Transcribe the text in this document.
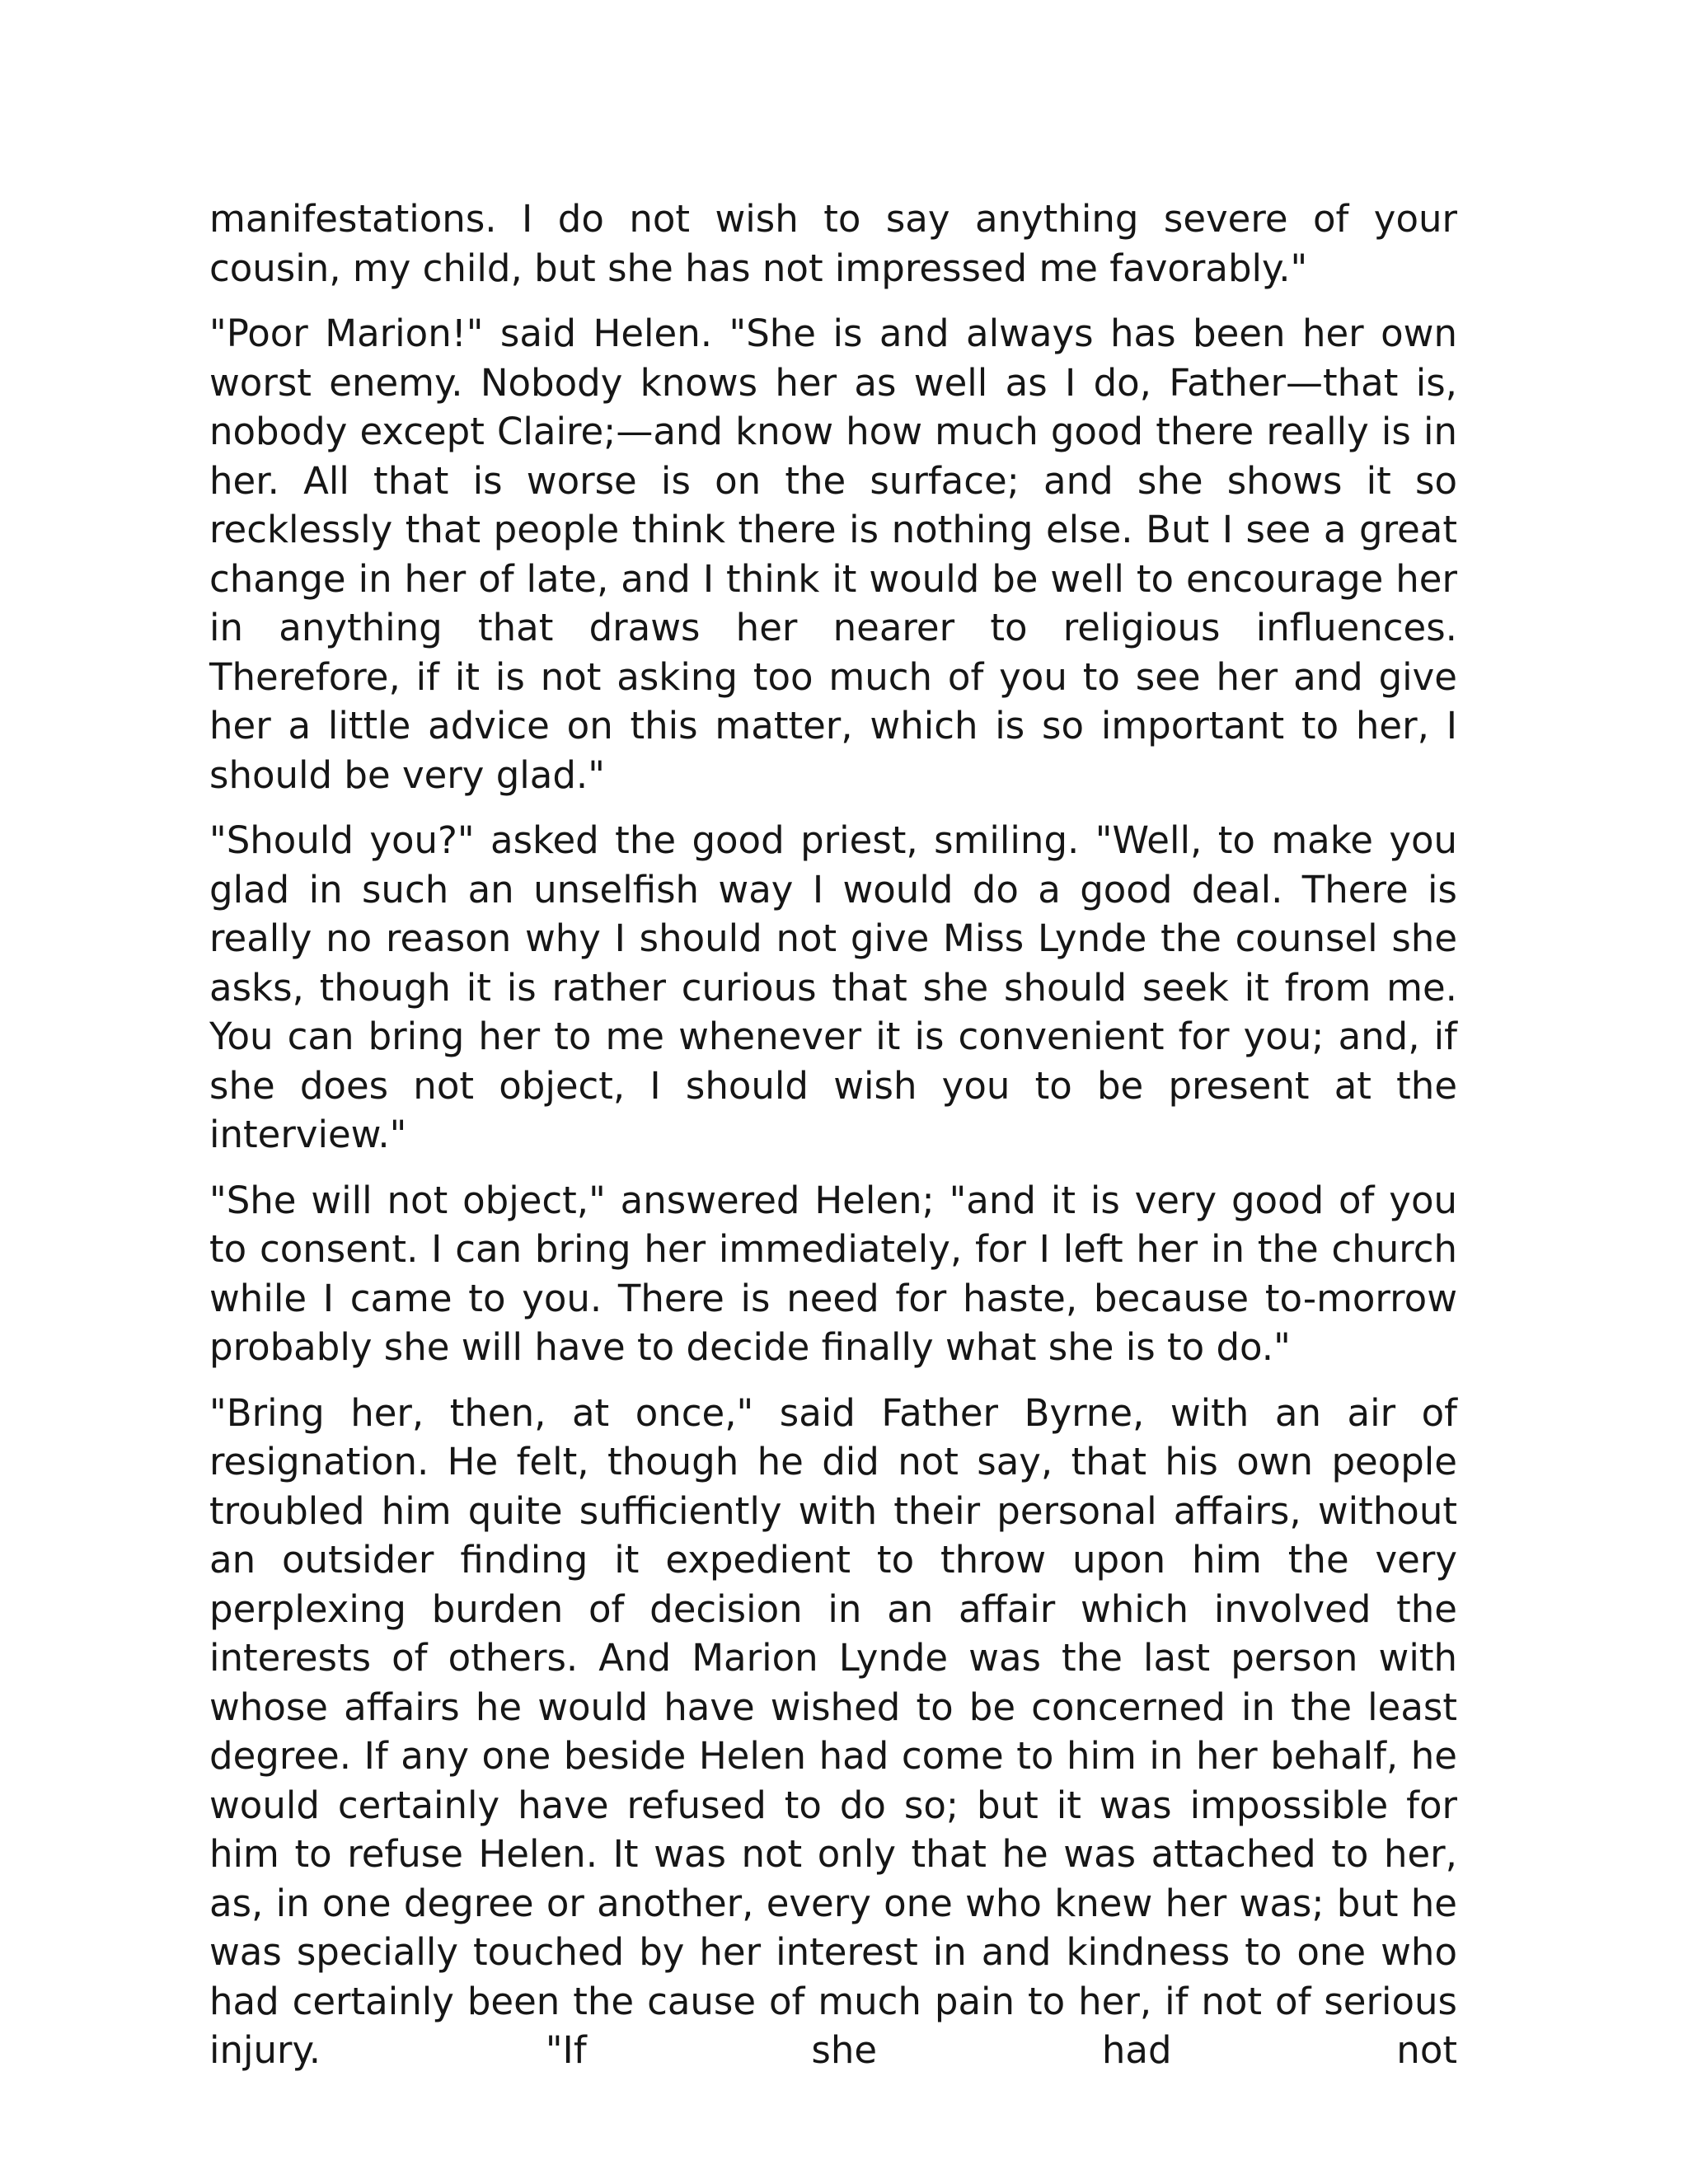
manifestations. I do not wish to say anything severe of your cousin, my child, but she has not impressed me favorably."

"Poor Marion!" said Helen. "She is and always has been her own worst enemy. Nobody knows her as well as I do, Father—that is, nobody except Claire;—and know how much good there really is in her. All that is worse is on the surface; and she shows it so recklessly that people think there is nothing else. But I see a great change in her of late, and I think it would be well to encourage her in anything that draws her nearer to religious influences. Therefore, if it is not asking too much of you to see her and give her a little advice on this matter, which is so important to her, I should be very glad."

"Should you?" asked the good priest, smiling. "Well, to make you glad in such an unselfish way I would do a good deal. There is really no reason why I should not give Miss Lynde the counsel she asks, though it is rather curious that she should seek it from me. You can bring her to me whenever it is convenient for you; and, if she does not object, I should wish you to be present at the interview."

"She will not object," answered Helen; "and it is very good of you to consent. I can bring her immediately, for I left her in the church while I came to you. There is need for haste, because to-morrow probably she will have to decide finally what she is to do."

"Bring her, then, at once," said Father Byrne, with an air of resignation. He felt, though he did not say, that his own people troubled him quite sufficiently with their personal affairs, without an outsider finding it expedient to throw upon him the very perplexing burden of decision in an affair which involved the interests of others. And Marion Lynde was the last person with whose affairs he would have wished to be concerned in the least degree. If any one beside Helen had come to him in her behalf, he would certainly have refused to do so; but it was impossible for him to refuse Helen. It was not only that he was attached to her, as, in one degree or another, every one who knew her was; but he was specially touched by her interest in and kindness to one who had certainly been the cause of much pain to her, if not of serious injury. "If she had not
